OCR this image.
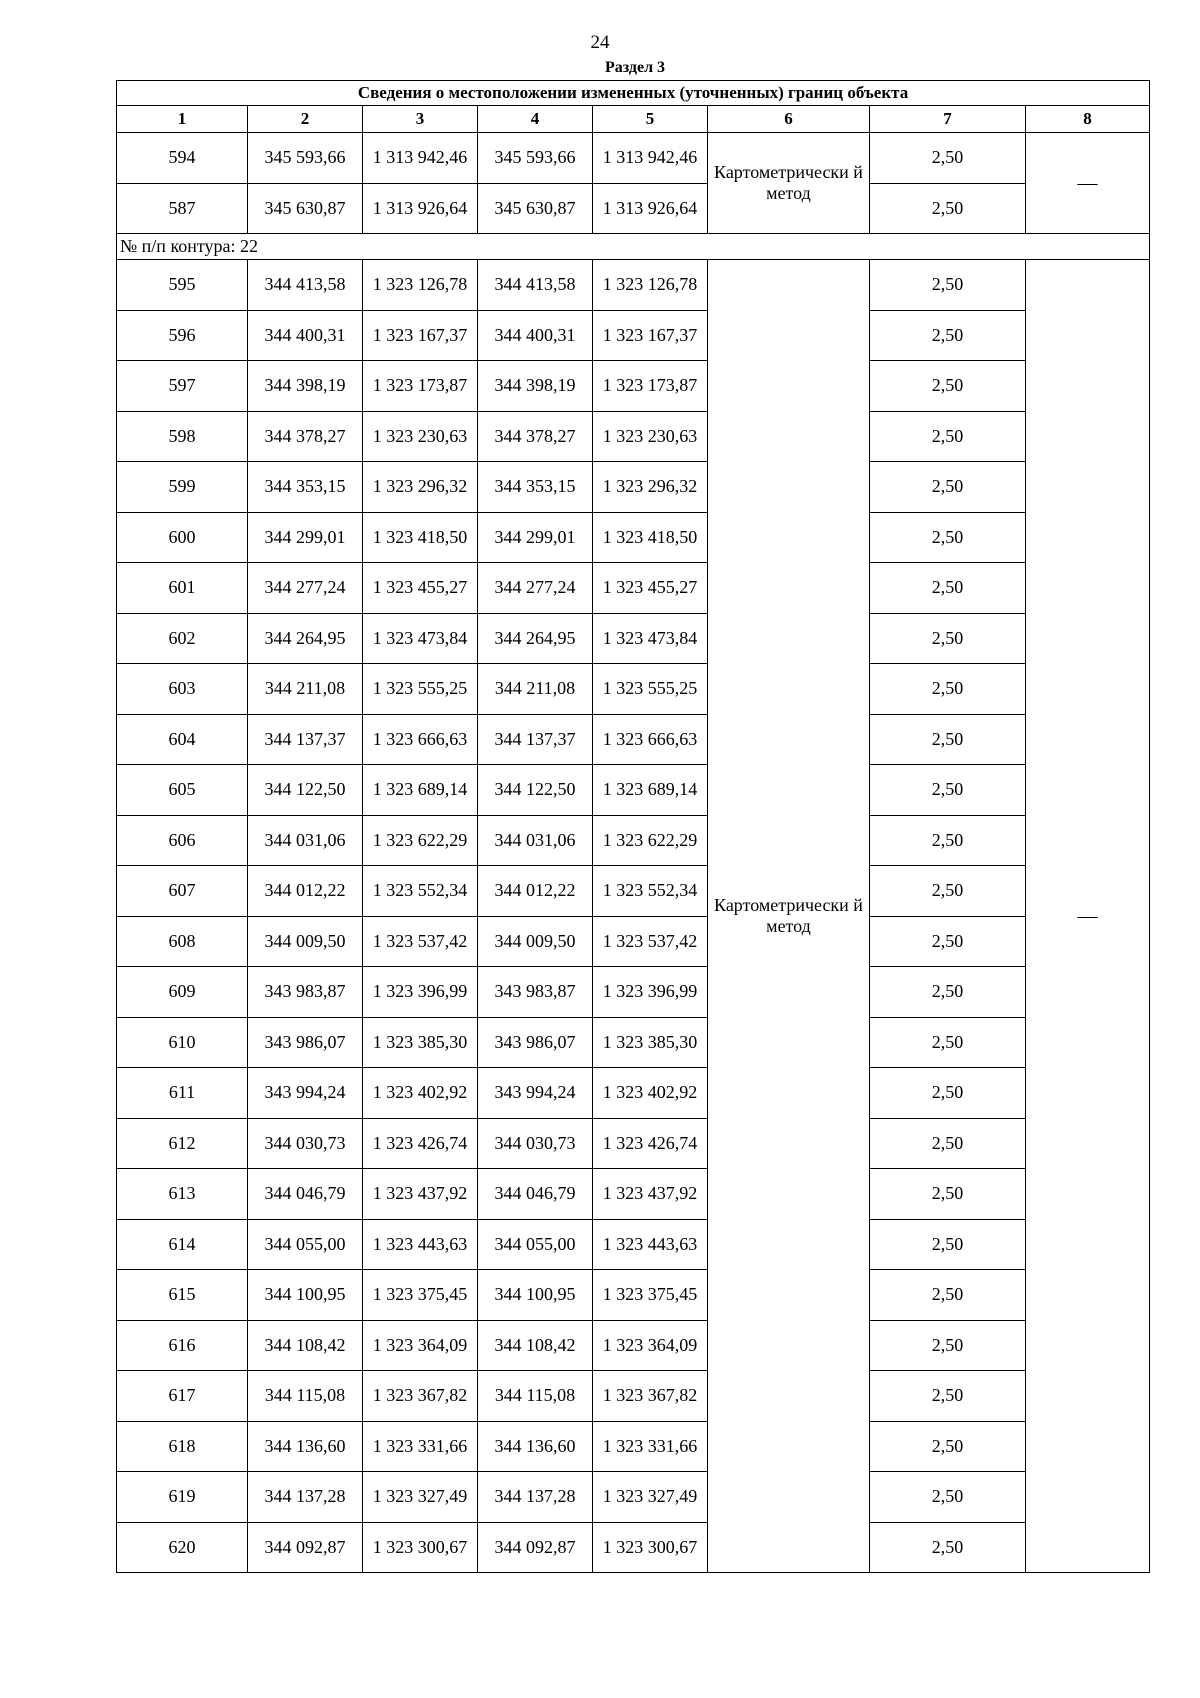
24
Раздел 3
Сведения о местоположении измененных (уточненных) границ объекта							
1	2	3	4	5	6	7	8
594	345 593,66	1 313 942,46	345 593,66	1 313 942,46	Картометрически й метод	2,50	—
587	345 630,87	1 313 926,64	345 630,87	1 313 926,64		2,50	
№ п/п контура: 22							
595	344 413,58	1 323 126,78	344 413,58	1 323 126,78	Картометрически й метод	2,50	—
596	344 400,31	1 323 167,37	344 400,31	1 323 167,37		2,50	
597	344 398,19	1 323 173,87	344 398,19	1 323 173,87		2,50	
598	344 378,27	1 323 230,63	344 378,27	1 323 230,63		2,50	
599	344 353,15	1 323 296,32	344 353,15	1 323 296,32		2,50	
600	344 299,01	1 323 418,50	344 299,01	1 323 418,50		2,50	
601	344 277,24	1 323 455,27	344 277,24	1 323 455,27		2,50	
602	344 264,95	1 323 473,84	344 264,95	1 323 473,84		2,50	
603	344 211,08	1 323 555,25	344 211,08	1 323 555,25		2,50	
604	344 137,37	1 323 666,63	344 137,37	1 323 666,63		2,50	
605	344 122,50	1 323 689,14	344 122,50	1 323 689,14		2,50	
606	344 031,06	1 323 622,29	344 031,06	1 323 622,29		2,50	
607	344 012,22	1 323 552,34	344 012,22	1 323 552,34		2,50	
608	344 009,50	1 323 537,42	344 009,50	1 323 537,42		2,50	
609	343 983,87	1 323 396,99	343 983,87	1 323 396,99		2,50	
610	343 986,07	1 323 385,30	343 986,07	1 323 385,30		2,50	
611	343 994,24	1 323 402,92	343 994,24	1 323 402,92		2,50	
612	344 030,73	1 323 426,74	344 030,73	1 323 426,74		2,50	
613	344 046,79	1 323 437,92	344 046,79	1 323 437,92		2,50	
614	344 055,00	1 323 443,63	344 055,00	1 323 443,63		2,50	
615	344 100,95	1 323 375,45	344 100,95	1 323 375,45		2,50	
616	344 108,42	1 323 364,09	344 108,42	1 323 364,09		2,50	
617	344 115,08	1 323 367,82	344 115,08	1 323 367,82		2,50	
618	344 136,60	1 323 331,66	344 136,60	1 323 331,66		2,50	
619	344 137,28	1 323 327,49	344 137,28	1 323 327,49		2,50	
620	344 092,87	1 323 300,67	344 092,87	1 323 300,67		2,50	
